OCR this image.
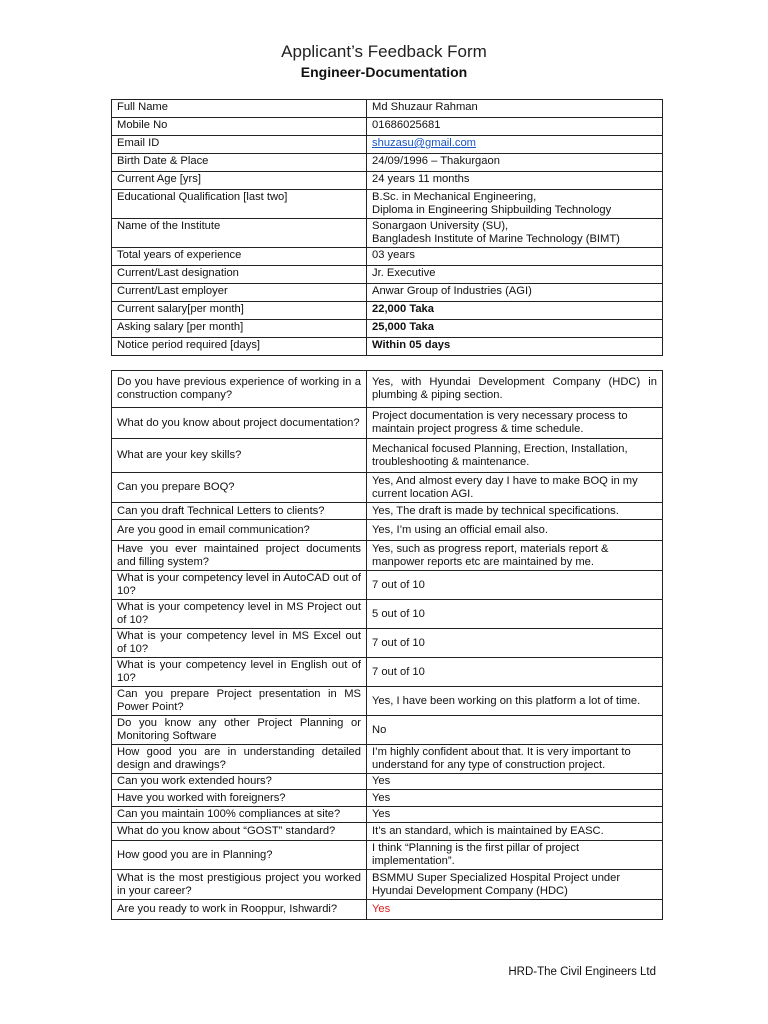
Applicant’s Feedback Form
Engineer-Documentation
Full Name	Md Shuzaur Rahman
Mobile No	01686025681
Email ID	shuzasu@gmail.com
Birth Date & Place	24/09/1996 – Thakurgaon
Current Age [yrs]	24 years 11 months
Educational Qualification [last two]	B.Sc. in Mechanical Engineering,
Diploma in Engineering Shipbuilding Technology

Name of the Institute	Sonargaon University (SU),
Bangladesh Institute of Marine Technology (BIMT)

Total years of experience	03 years
Current/Last designation	Jr. Executive
Current/Last employer	Anwar Group of Industries (AGI)
Current salary[per month]	22,000 Taka
Asking salary [per month]	25,000 Taka
Notice period required [days]	Within 05 days
Do you have previous experience of working in a construction company?	Yes, with Hyundai Development Company (HDC) in plumbing & piping section.
What do you know about project documentation?	Project documentation is very necessary process to maintain project progress & time schedule.
What are your key skills?	Mechanical focused Planning, Erection, Installation, troubleshooting & maintenance.
Can you prepare BOQ?	Yes, And almost every day I have to make BOQ in my current location AGI.
Can you draft Technical Letters to clients?	Yes, The draft is made by technical specifications.
Are you good in email communication?	Yes, I’m using an official email also.
Have you ever maintained project documents and filling system?	Yes, such as progress report, materials report & manpower reports etc are maintained by me.
What is your competency level in AutoCAD out of 10?	7 out of 10
What is your competency level in MS Project out of 10?	5 out of 10
What is your competency level in MS Excel out of 10?	7 out of 10
What is your competency level in English out of 10?	7 out of 10
Can you prepare Project presentation in MS Power Point?	Yes, I have been working on this platform a lot of time.
Do you know any other Project Planning or Monitoring Software	No
How good you are in understanding detailed design and drawings?	I’m highly confident about that. It is very important to understand for any type of construction project.
Can you work extended hours?	Yes
Have you worked with foreigners?	Yes
Can you maintain 100% compliances at site?	Yes
What do you know about “GOST” standard?	It’s an standard, which is maintained by EASC.
How good you are in Planning?	I think “Planning is the first pillar of project implementation”.
What is the most prestigious project you worked in your career?	BSMMU Super Specialized Hospital Project under Hyundai Development Company (HDC)
Are you ready to work in Rooppur, Ishwardi?	Yes
HRD-The Civil Engineers Ltd
